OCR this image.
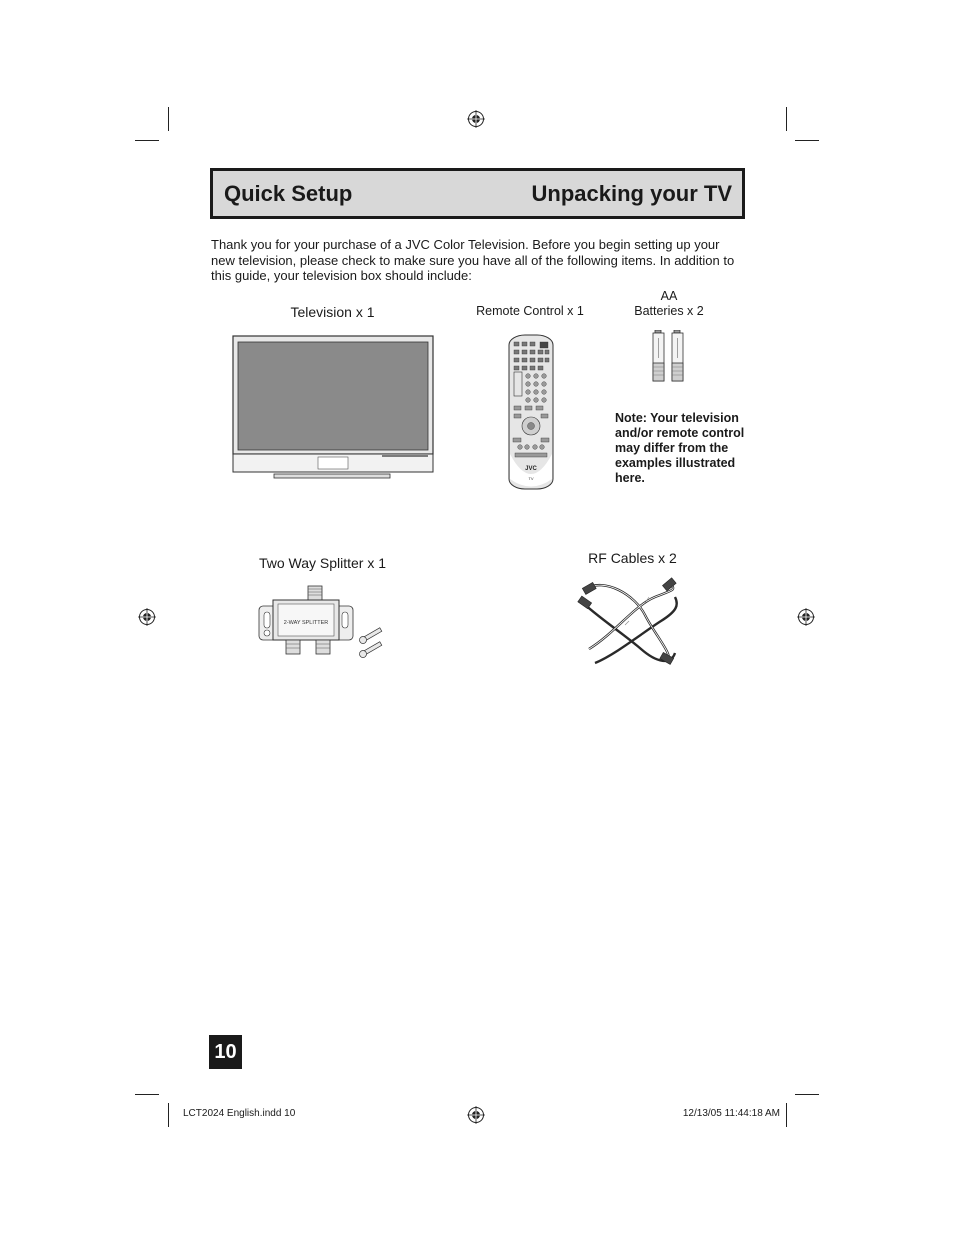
Quick Setup	Unpacking your TV
Thank you for your purchase of a JVC Color Television. Before you begin setting up your new television, please check to make sure you have all of the following items. In addition to this guide, your television box should include:
Television x 1	Remote Control x 1
AA
Batteries x 2
JVC
TV
Note: Your television and/or remote control may differ from the examples illustrated here.
Two Way Splitter x 1	RF Cables x 2
2-WAY SPLITTER
10
LCT2024 English.indd 10	12/13/05 11:44:18 AM
